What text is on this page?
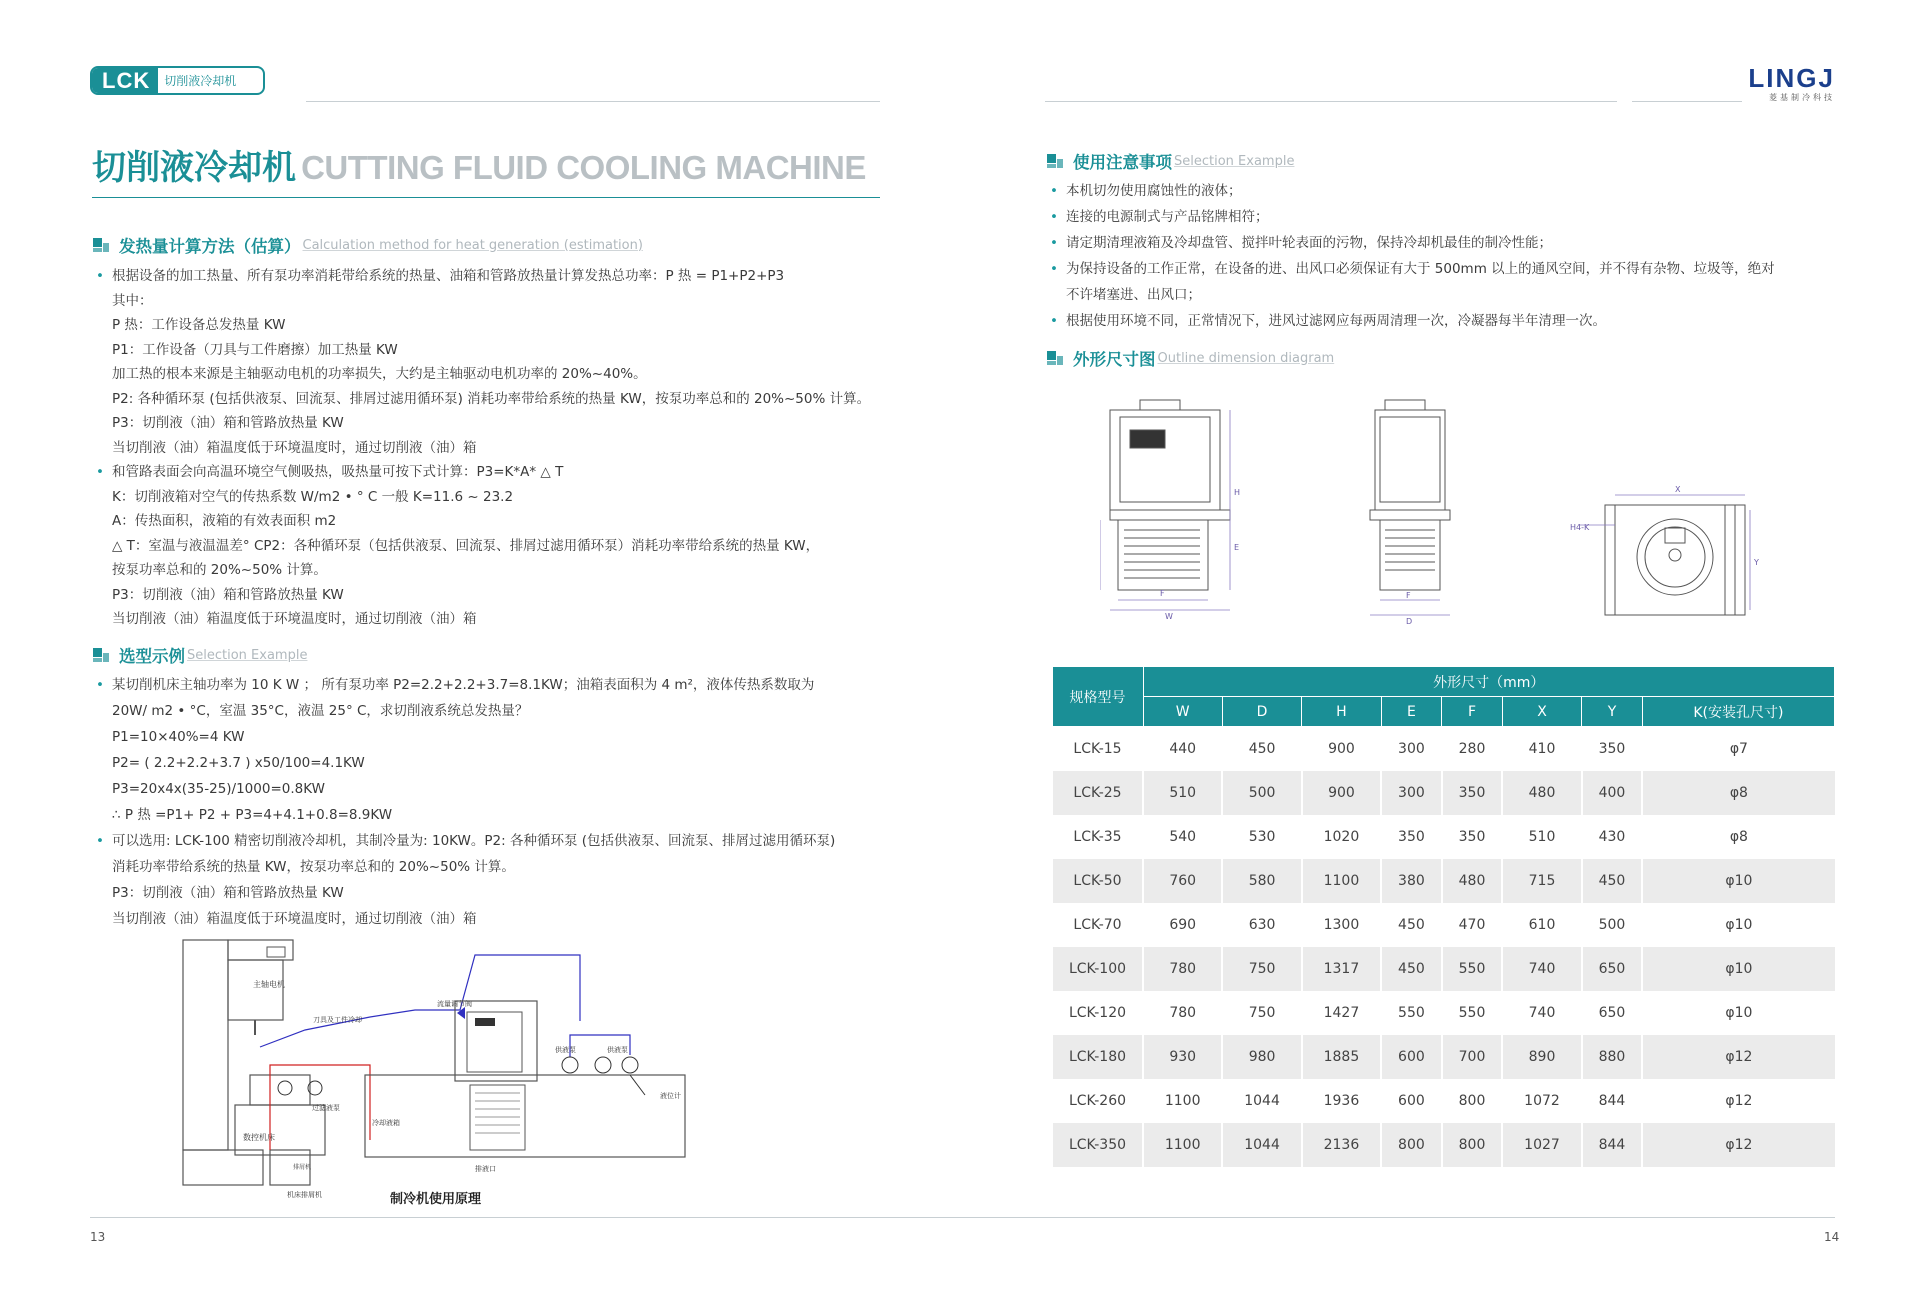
LCK	切削液冷却机	LINGJ
菱基制冷科技
切削液冷却机 CUTTING FLUID COOLING MACHINE
发热量计算方法（估算） Calculation method for heat generation (estimation)
• 根据设备的加工热量、所有泵功率消耗带给系统的热量、油箱和管路放热量计算发热总功率：P 热 = P1+P2+P3
其中：
P 热：工作设备总发热量 KW
P1：工作设备（刀具与工件磨擦）加工热量 KW
加工热的根本来源是主轴驱动电机的功率损失，大约是主轴驱动电机功率的 20%~40%。
P2: 各种循环泵 (包括供液泵、回流泵、排屑过滤用循环泵) 消耗功率带给系统的热量 KW，按泵功率总和的 20%~50% 计算。
P3：切削液（油）箱和管路放热量 KW
当切削液（油）箱温度低于环境温度时，通过切削液（油）箱
• 和管路表面会向高温环境空气侧吸热，吸热量可按下式计算：P3=K*A* △ T
K：切削液箱对空气的传热系数 W/m2 • ° C 一般 K=11.6 ~ 23.2
A：传热面积，液箱的有效表面积 m2
△ T：室温与液温温差° CP2：各种循环泵（包括供液泵、回流泵、排屑过滤用循环泵）消耗功率带给系统的热量 KW，
按泵功率总和的 20%~50% 计算。
P3：切削液（油）箱和管路放热量 KW
当切削液（油）箱温度低于环境温度时，通过切削液（油）箱
选型示例 Selection Example
• 某切削机床主轴功率为 10 K W ； 所有泵功率 P2=2.2+2.2+3.7=8.1KW；油箱表面积为 4 m²，液体传热系数取为
20W/ m2 • °C，室温 35°C，液温 25° C，求切削液系统总发热量？
P1=10×40%=4 KW
P2= ( 2.2+2.2+3.7 ) x50/100=4.1KW
P3=20x4x(35-25)/1000=0.8KW
∴ P 热 =P1+ P2 + P3=4+4.1+0.8=8.9KW
• 可以选用: LCK-100 精密切削液冷却机，其制冷量为: 10KW。P2: 各种循环泵 (包括供液泵、回流泵、排屑过滤用循环泵)
消耗功率带给系统的热量 KW，按泵功率总和的 20%~50% 计算。
P3：切削液（油）箱和管路放热量 KW
当切削液（油）箱温度低于环境温度时，通过切削液（油）箱
主轴电机
数控机床
排屑机
机床排屑机
刀具及工件冷却
流量调节阀
过滤液泵
冷却液箱
排液口
供液泵	供液泵
液位计
制冷机使用原理
使用注意事项 Selection Example
• 本机切勿使用腐蚀性的液体；
• 连接的电源制式与产品铭牌相符；
• 请定期清理液箱及冷却盘管、搅拌叶轮表面的污物，保持冷却机最佳的制冷性能；
• 为保持设备的工作正常，在设备的进、出风口必须保证有大于 500mm 以上的通风空间，并不得有杂物、垃圾等，绝对
不许堵塞进、出风口；
• 根据使用环境不同，正常情况下，进风过滤网应每两周清理一次，冷凝器每半年清理一次。
外形尺寸图 Outline dimension diagram
F
W
H
E
F
D
X
Y
H4-K
规格型号	外形尺寸（mm）							
	W	D	H	E	F	X	Y	K(安装孔尺寸)
LCK-15	440	450	900	300	280	410	350	φ7
LCK-25	510	500	900	300	350	480	400	φ8
LCK-35	540	530	1020	350	350	510	430	φ8
LCK-50	760	580	1100	380	480	715	450	φ10
LCK-70	690	630	1300	450	470	610	500	φ10
LCK-100	780	750	1317	450	550	740	650	φ10
LCK-120	780	750	1427	550	550	740	650	φ10
LCK-180	930	980	1885	600	700	890	880	φ12
LCK-260	1100	1044	1936	600	800	1072	844	φ12
LCK-350	1100	1044	2136	800	800	1027	844	φ12
13	14
